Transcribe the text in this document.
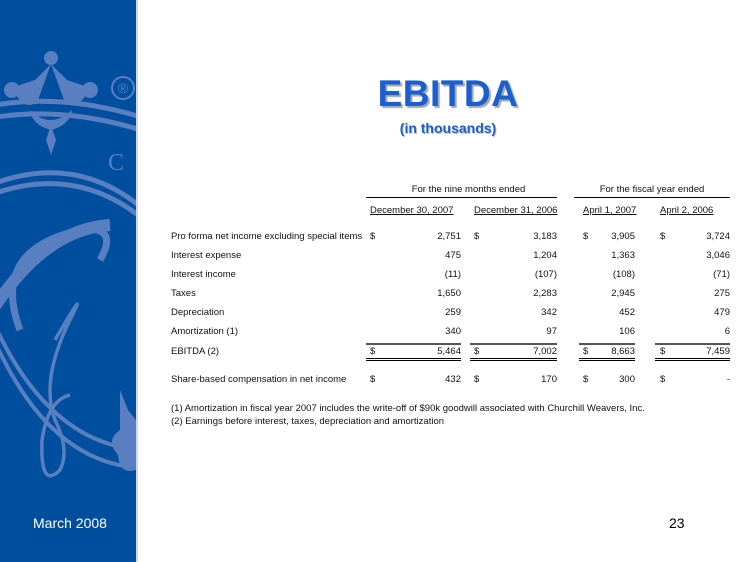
®
C
March 2008
EBITDA
(in thousands)
For the nine months ended	For the fiscal year ended
December 30, 2007 December 31, 2006	April 1, 2007 April 2, 2006
Pro forma net income excluding special items $	2,751 $	3,183	$	3,905	$	3,724
Interest expense	475	1,204	1,363	3,046
Interest income	(11)	(107)	(108)	(71)
Taxes	1,650	2,283	2,945	275
Depreciation	259	342	452	479
Amortization (1)	340	97	106	6
EBITDA (2)	$	5,464 $	7,002	$	8,663	$	7,459
Share-based compensation in net income $	432 $	170	$	300	$	-
(1) Amortization in fiscal year 2007 includes the write-off of $90k goodwill associated with Churchill Weavers, Inc.
(2) Earnings before interest, taxes, depreciation and amortization
23
